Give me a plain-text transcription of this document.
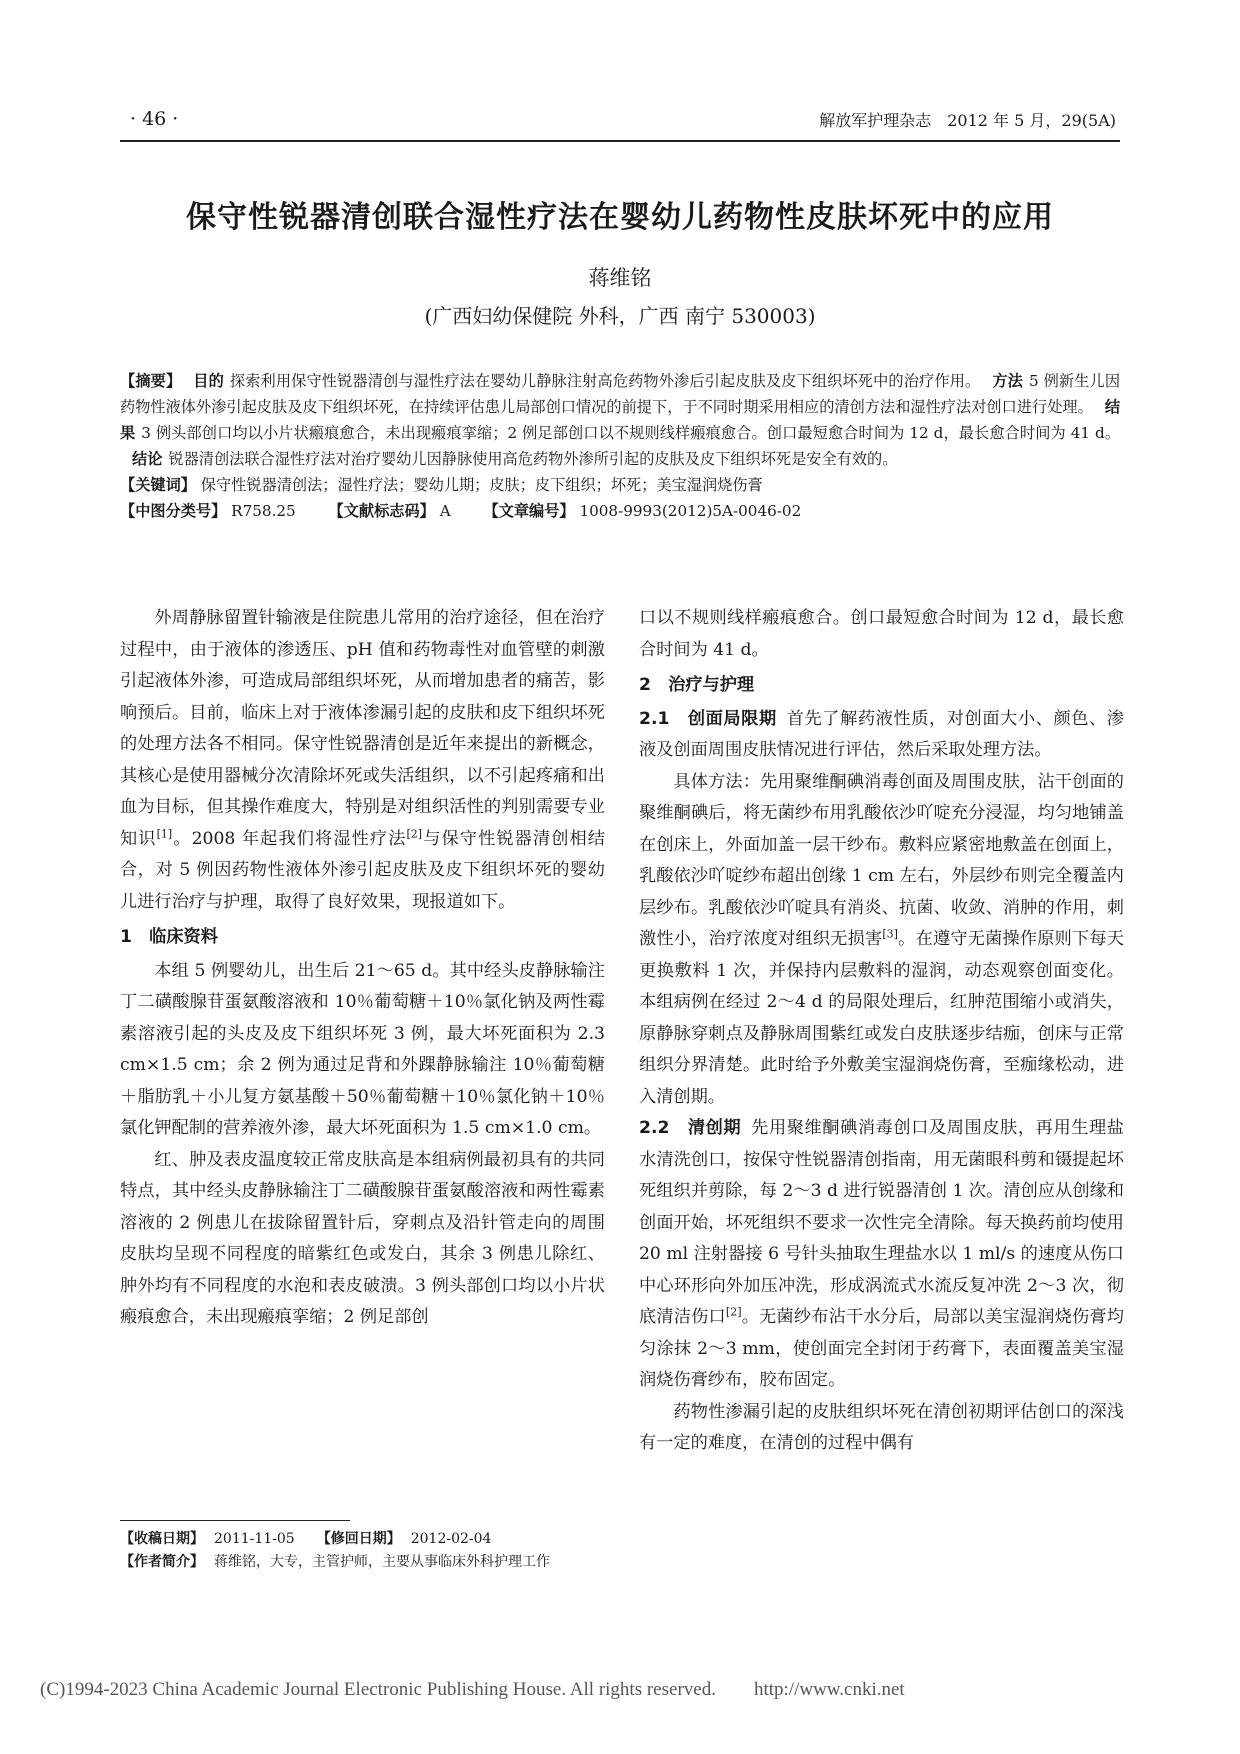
· 46 ·	解放军护理杂志　2012 年 5 月，29(5A)
保守性锐器清创联合湿性疗法在婴幼儿药物性皮肤坏死中的应用
蒋维铭
(广西妇幼保健院 外科，广西 南宁 530003)

【摘要】 目的 探索利用保守性锐器清创与湿性疗法在婴幼儿静脉注射高危药物外渗后引起皮肤及皮下组织坏死中的治疗作用。 方法 5 例新生儿因药物性液体外渗引起皮肤及皮下组织坏死，在持续评估患儿局部创口情况的前提下，于不同时期采用相应的清创方法和湿性疗法对创口进行处理。 结果 3 例头部创口均以小片状瘢痕愈合，未出现瘢痕挛缩；2 例足部创口以不规则线样瘢痕愈合。创口最短愈合时间为 12 d，最长愈合时间为 41 d。结论 锐器清创法联合湿性疗法对治疗婴幼儿因静脉使用高危药物外渗所引起的皮肤及皮下组织坏死是安全有效的。

【关键词】 保守性锐器清创法；湿性疗法；婴幼儿期；皮肤；皮下组织；坏死；美宝湿润烧伤膏

【中图分类号】 R758.25 【文献标志码】 A 【文章编号】 1008-9993(2012)5A-0046-02

外周静脉留置针输液是住院患儿常用的治疗途径，但在治疗过程中，由于液体的渗透压、pH 值和药物毒性对血管壁的刺激引起液体外渗，可造成局部组织坏死，从而增加患者的痛苦，影响预后。目前，临床上对于液体渗漏引起的皮肤和皮下组织坏死的处理方法各不相同。保守性锐器清创是近年来提出的新概念，其核心是使用器械分次清除坏死或失活组织，以不引起疼痛和出血为目标，但其操作难度大，特别是对组织活性的判别需要专业知识[1]。2008 年起我们将湿性疗法[2]与保守性锐器清创相结合，对 5 例因药物性液体外渗引起皮肤及皮下组织坏死的婴幼儿进行治疗与护理，取得了良好效果，现报道如下。

1　临床资料

本组 5 例婴幼儿，出生后 21～65 d。其中经头皮静脉输注丁二磺酸腺苷蛋氨酸溶液和 10％葡萄糖＋10％氯化钠及两性霉素溶液引起的头皮及皮下组织坏死 3 例，最大坏死面积为 2.3 cm×1.5 cm；余 2 例为通过足背和外踝静脉输注 10％葡萄糖＋脂肪乳＋小儿复方氨基酸＋50％葡萄糖＋10％氯化钠＋10％氯化钾配制的营养液外渗，最大坏死面积为 1.5 cm×1.0 cm。

红、肿及表皮温度较正常皮肤高是本组病例最初具有的共同特点，其中经头皮静脉输注丁二磺酸腺苷蛋氨酸溶液和两性霉素溶液的 2 例患儿在拔除留置针后，穿刺点及沿针管走向的周围皮肤均呈现不同程度的暗紫红色或发白，其余 3 例患儿除红、肿外均有不同程度的水泡和表皮破溃。3 例头部创口均以小片状瘢痕愈合，未出现瘢痕挛缩；2 例足部创

口以不规则线样瘢痕愈合。创口最短愈合时间为 12 d，最长愈合时间为 41 d。

2　治疗与护理

2.1　创面局限期 首先了解药液性质，对创面大小、颜色、渗液及创面周围皮肤情况进行评估，然后采取处理方法。

具体方法：先用聚维酮碘消毒创面及周围皮肤，沾干创面的聚维酮碘后，将无菌纱布用乳酸依沙吖啶充分浸湿，均匀地铺盖在创床上，外面加盖一层干纱布。敷料应紧密地敷盖在创面上，乳酸依沙吖啶纱布超出创缘 1 cm 左右，外层纱布则完全覆盖内层纱布。乳酸依沙吖啶具有消炎、抗菌、收敛、消肿的作用，刺激性小，治疗浓度对组织无损害[3]。在遵守无菌操作原则下每天更换敷料 1 次，并保持内层敷料的湿润，动态观察创面变化。本组病例在经过 2～4 d 的局限处理后，红肿范围缩小或消失，原静脉穿刺点及静脉周围紫红或发白皮肤逐步结痂，创床与正常组织分界清楚。此时给予外敷美宝湿润烧伤膏，至痂缘松动，进入清创期。

2.2　清创期 先用聚维酮碘消毒创口及周围皮肤，再用生理盐水清洗创口，按保守性锐器清创指南，用无菌眼科剪和镊提起坏死组织并剪除，每 2～3 d 进行锐器清创 1 次。清创应从创缘和创面开始，坏死组织不要求一次性完全清除。每天换药前均使用 20 ml 注射器接 6 号针头抽取生理盐水以 1 ml/s 的速度从伤口中心环形向外加压冲洗，形成涡流式水流反复冲洗 2～3 次，彻底清洁伤口[2]。无菌纱布沾干水分后，局部以美宝湿润烧伤膏均匀涂抹 2～3 mm，使创面完全封闭于药膏下，表面覆盖美宝湿润烧伤膏纱布，胶布固定。

药物性渗漏引起的皮肤组织坏死在清创初期评估创口的深浅有一定的难度，在清创的过程中偶有

【收稿日期】 2011-11-05 【修回日期】 2012-02-04

【作者简介】 蒋维铭，大专，主管护师，主要从事临床外科护理工作

(C)1994-2023 China Academic Journal Electronic Publishing House. All rights reserved.　　http://www.cnki.net
